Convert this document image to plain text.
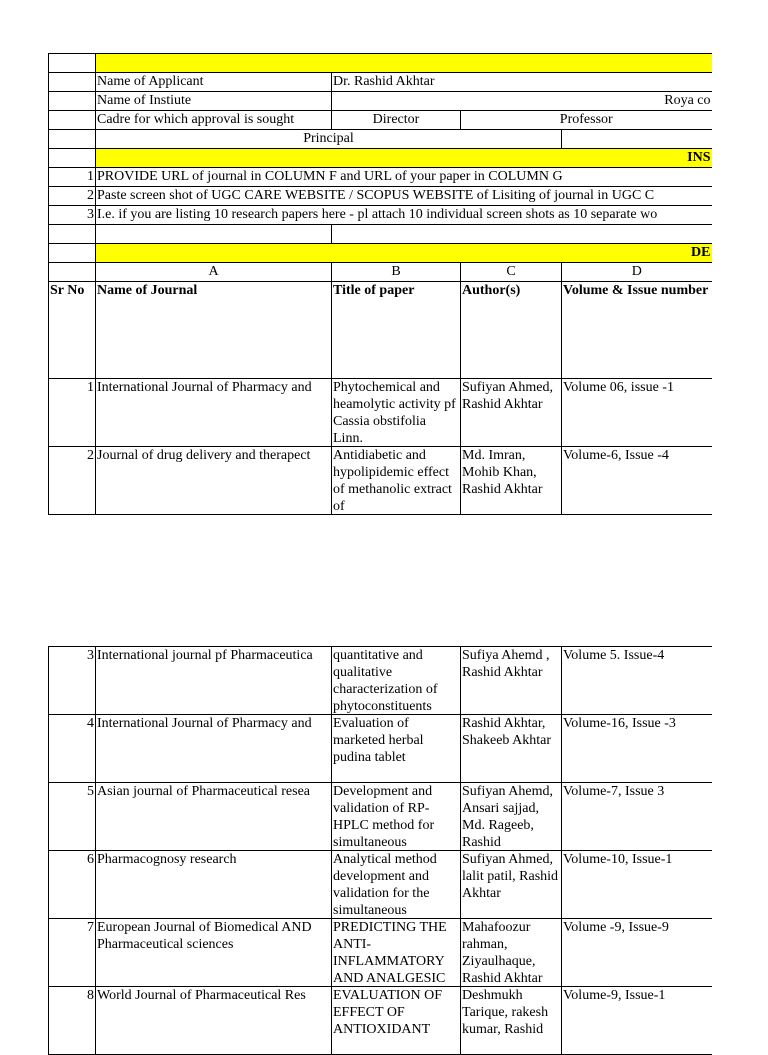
	Name of Applicant	Dr. Rashid Akhtar		
	Name of Instiute	Roya co		
	Cadre for which approval is sought	Director	Professor	
	Principal			
	INS			
1	PROVIDE URL of journal in COLUMN F and URL of your paper in COLUMN G			
2	Paste screen shot of UGC CARE WEBSITE / SCOPUS WEBSITE of Lisiting of journal in UGC C			
3	I.e. if you are listing 10 research papers here - pl attach 10 individual screen shots as 10 separate wo			

	DE			
	A	B	C	D
Sr No	Name of Journal	Title of paper	Author(s)	Volume & Issue number
1	International Journal of Pharmacy and	Phytochemical and heamolytic activity pf Cassia obstifolia Linn.	Sufiyan Ahmed, Rashid Akhtar	Volume 06, issue -1
2	Journal of drug delivery and therapect	Antidiabetic and hypolipidemic effect of methanolic extract of	Md. Imran, Mohib Khan, Rashid Akhtar	Volume-6, Issue -4
3	International journal pf Pharmaceutica	quantitative and qualitative characterization of phytoconstituents	Sufiya Ahemd , Rashid Akhtar	Volume 5. Issue-4
4	International Journal of Pharmacy and	Evaluation of marketed herbal pudina tablet	Rashid Akhtar, Shakeeb Akhtar	Volume-16, Issue -3
5	Asian journal of Pharmaceutical resea	Development and validation of RP-HPLC method for simultaneous	Sufiyan Ahemd, Ansari sajjad, Md. Rageeb, Rashid	Volume-7, Issue 3
6	Pharmacognosy research	Analytical method development and validation for the simultaneous	Sufiyan Ahmed, lalit patil, Rashid Akhtar	Volume-10, Issue-1
7	European Journal of Biomedical AND Pharmaceutical sciences	PREDICTING THE ANTI-INFLAMMATORY AND ANALGESIC	Mahafoozur rahman, Ziyaulhaque, Rashid Akhtar	Volume -9, Issue-9
8	World Journal of Pharmaceutical Res	EVALUATION OF EFFECT OF ANTIOXIDANT	Deshmukh Tarique, rakesh kumar, Rashid	Volume-9, Issue-1
